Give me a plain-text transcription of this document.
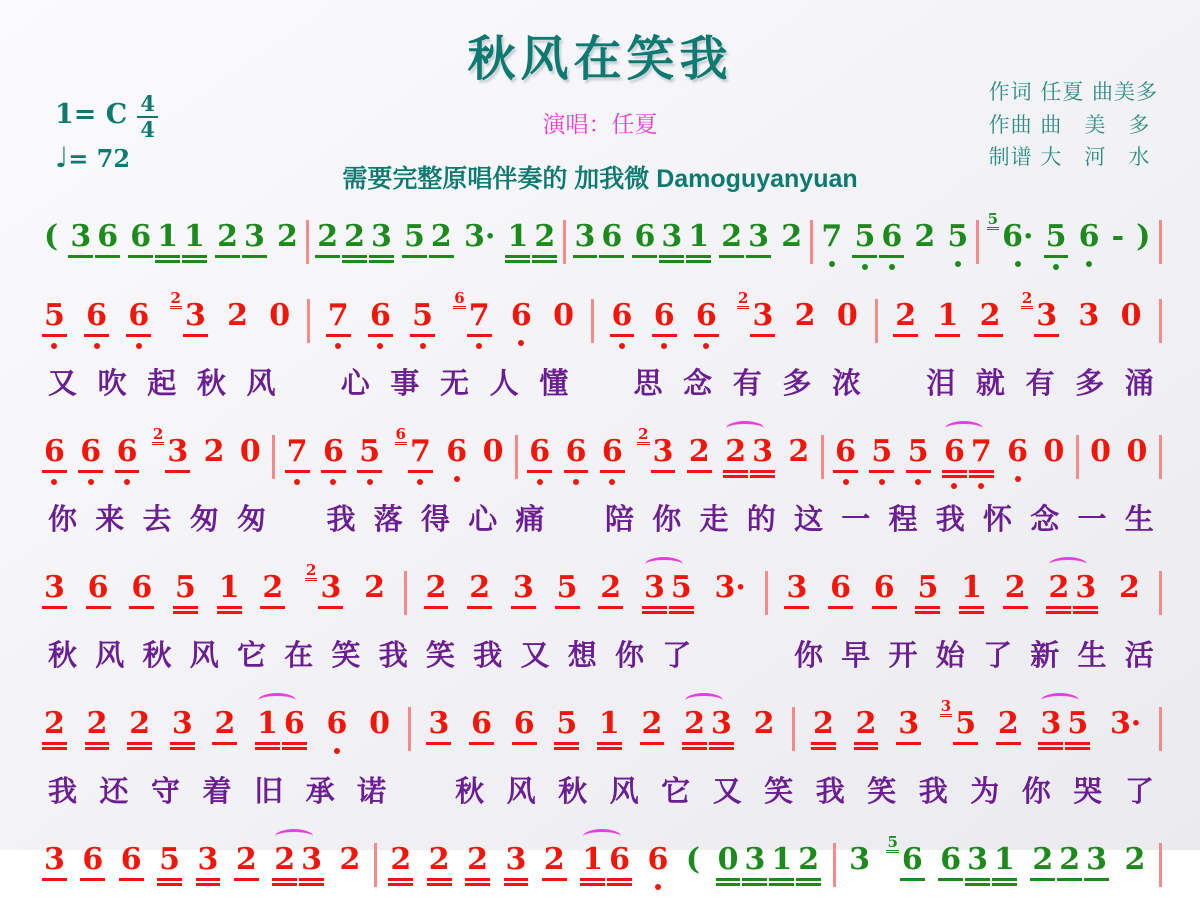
秋风在笑我
1= C 4
4
♩= 72
演唱：任夏
作词 任夏 曲美多
作曲 曲　美　多
制谱 大　河　水
需要完整原唱伴奏的 加我微 Damoguyanyuan
( 3 6 6 1 1 2 3 2 2 2 3 5 2 3· 1 2 3 6 6 3 1 2 3 2 7 5 6 2 5 5 6· 5 6 - )
5 6 6 2 3 2 0 7 6 5 6 7 6 0 6 6 6 2 3 2 0 2 1 2 2 3 3 0
又 吹 起 秋 风 心 事 无 人 懂 思 念 有 多 浓 泪 就 有 多 涌
6 6 6 2 3 2 0 7 6 5 6 7 6 0 6 6 6 2 3 2 2 3 2 6 5 5 6 7 6 0 0 0
你 来 去 匆 匆 我 落 得 心 痛 陪 你 走 的 这 一 程 我 怀 念 一 生
3 6 6 5 1 2 2 3 2 2 2 3 5 2 3 5 3· 3 6 6 5 1 2 2 3 2
秋 风 秋 风 它 在 笑 我 笑 我 又 想 你 了	你 早 开 始 了 新 生 活
2 2 2 3 2 1 6 6 0 3 6 6 5 1 2 2 3 2 2 2 3 3 5 2 3 5 3·
我 还 守 着 旧 承 诺 秋 风 秋 风 它 又 笑 我 笑 我 为 你 哭 了
3 6 6 5 3 2 2 3 2 2 2 2 3 2 1 6 6 ( 0 3 1 2 3 5 6 6 3 1 2 2 3 2
